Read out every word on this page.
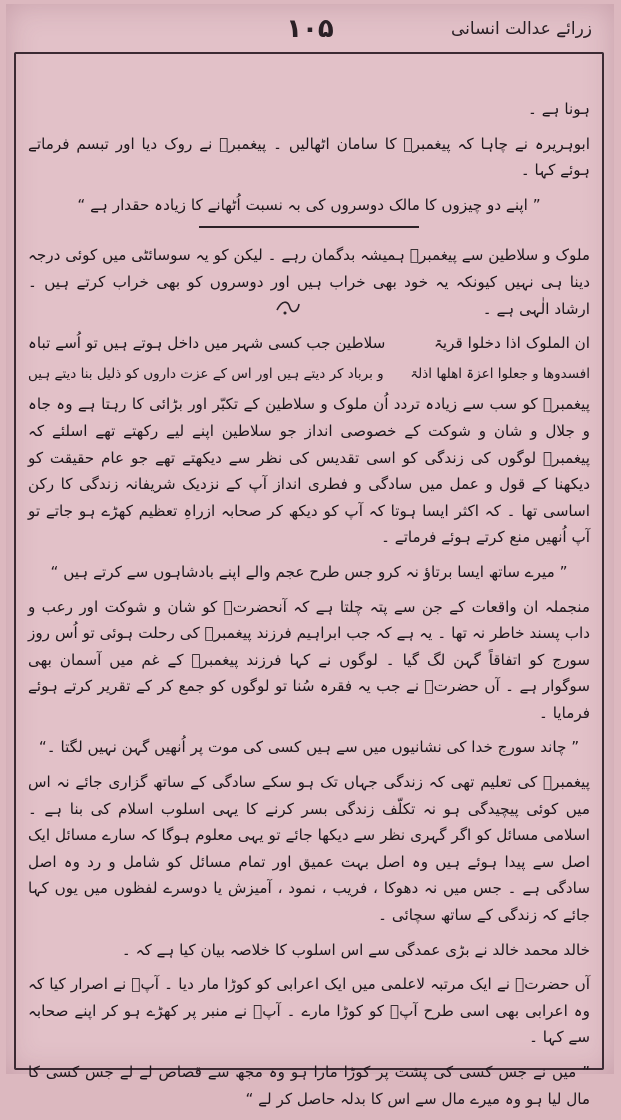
زرائے عدالت انسانی
۱۰۵

ہونا ہے ۔

ابوہریرہ نے چاہا کہ پیغمبرؐ کا سامان اٹھالیں ۔ پیغمبرؐ نے روک دیا اور تبسم فرماتے ہوئے کہا ۔

” اپنے دو چیزوں کا مالک دوسروں کی بہ نسبت اُٹھانے کا زیادہ حقدار ہے “

ملوک و سلاطین سے پیغمبرؐ ہمیشہ بدگمان رہے ۔ لیکن کو یہ سوسائٹی میں کوئی درجہ دینا ہی نہیں کیونکہ یہ خود بھی خراب ہیں اور دوسروں کو بھی خراب کرتے ہیں ۔ ارشاد الٰہی ہے ۔

ان الملوک اذا دخلوا قریۃ
سلاطین جب کسی شہر میں داخل ہوتے ہیں تو اُسے تباہ
افسدوھا و جعلوا اعزۃ اھلھا اذلۃ
و برباد کر دیتے ہیں اور اس کے عزت داروں کو ذلیل بنا دیتے ہیں

پیغمبرؐ کو سب سے زیادہ تردد اُن ملوک و سلاطین کے تکبّر اور بڑائی کا رہتا ہے وہ جاہ و جلال و شان و شوکت کے خصوصی انداز جو سلاطین اپنے لیے رکھتے تھے اسلئے کہ پیغمبرؐ لوگوں کی زندگی کو اسی تقدیس کی نظر سے دیکھتے تھے جو عام حقیقت کو دیکھنا کے قول و عمل میں سادگی و فطری انداز آپ کے نزدیک شریفانہ زندگی کا رکن اساسی تھا ۔ کہ اکثر ایسا ہوتا کہ آپ کو دیکھ کر صحابہ ازراہِ تعظیم کھڑے ہو جاتے تو آپ اُنھیں منع کرتے ہوئے فرماتے ۔

” میرے ساتھ ایسا برتاؤ نہ کرو جس طرح عجم والے اپنے بادشاہوں سے کرتے ہیں “

منجملہ ان واقعات کے جن سے پتہ چلتا ہے کہ آنحضرتؐ کو شان و شوکت اور رعب و داب پسند خاطر نہ تھا ۔ یہ ہے کہ جب ابراہیم فرزند پیغمبرؐ کی رحلت ہوئی تو اُس روز سورج کو اتفاقاً گہن لگ گیا ۔ لوگوں نے کہا فرزند پیغمبرؐ کے غم میں آسمان بھی سوگوار ہے ۔ آں حضرتؐ نے جب یہ فقرہ سُنا تو لوگوں کو جمع کر کے تقریر کرتے ہوئے فرمایا ۔

” چاند سورج خدا کی نشانیوں میں سے ہیں کسی کی موت پر اُنھیں گہن نہیں لگتا ۔“

پیغمبرؐ کی تعلیم تھی کہ زندگی جہاں تک ہو سکے سادگی کے ساتھ گزاری جائے نہ اس میں کوئی پیچیدگی ہو نہ تکلّف زندگی بسر کرنے کا یہی اسلوب اسلام کی بنا ہے ۔ اسلامی مسائل کو اگر گہری نظر سے دیکھا جائے تو یہی معلوم ہوگا کہ سارے مسائل ایک اصل سے پیدا ہوئے ہیں وہ اصل بہت عمیق اور تمام مسائل کو شامل و رد وہ اصل سادگی ہے ۔ جس میں نہ دھوکا ، فریب ، نمود ، آمیزش یا دوسرے لفظوں میں یوں کہا جائے کہ زندگی کے ساتھ سچائی ۔

خالد محمد خالد نے بڑی عمدگی سے اس اسلوب کا خلاصہ بیان کیا ہے کہ ۔

آں حضرتؐ نے ایک مرتبہ لاعلمی میں ایک اعرابی کو کوڑا مار دیا ۔ آپؐ نے اصرار کیا کہ وہ اعرابی بھی اسی طرح آپؐ کو کوڑا مارے ۔ آپؐ نے منبر پر کھڑے ہو کر اپنے صحابہ سے کہا ۔

” میں نے جس کسی کی پشت پر کوڑا مارا ہو وہ مجھ سے قصاص لے لے جس کسی کا مال لیا ہو وہ میرے مال سے اس کا بدلہ حاصل کر لے “
